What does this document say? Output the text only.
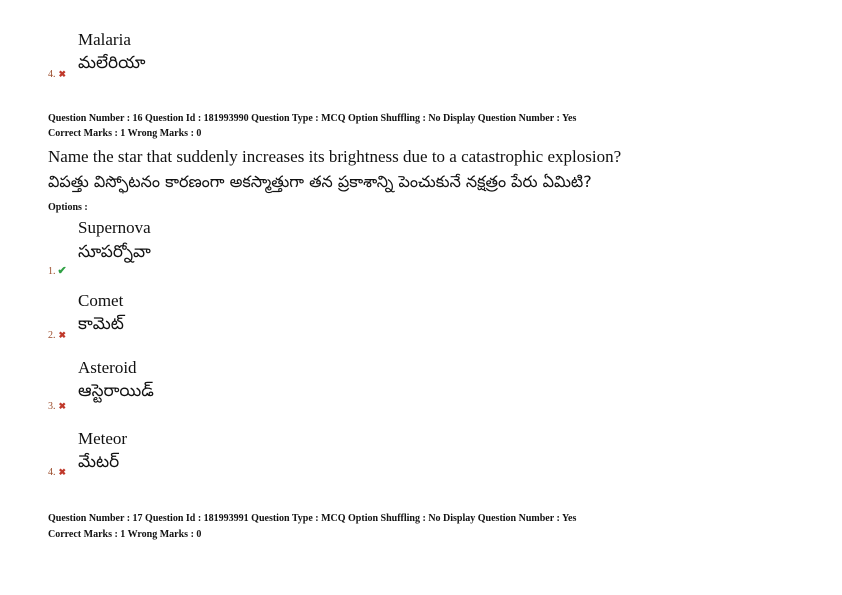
Malaria
మలేరియా
4. ✖
Question Number : 16 Question Id : 181993990 Question Type : MCQ Option Shuffling : No Display Question Number : Yes
Correct Marks : 1 Wrong Marks : 0
Name the star that suddenly increases its brightness due to a catastrophic explosion?
విపత్తు విస్ఫోటనం కారణంగా అకస్మాత్తుగా తన ప్రకాశాన్ని పెంచుకునే నక్షత్రం పేరు ఏమిటి?
Options :
Supernova
సూపర్నోవా
1. ✔
Comet
కామెట్
2. ✖
Asteroid
ఆస్టెరాయిడ్
3. ✖
Meteor
మేటర్
4. ✖
Question Number : 17 Question Id : 181993991 Question Type : MCQ Option Shuffling : No Display Question Number : Yes
Correct Marks : 1 Wrong Marks : 0
